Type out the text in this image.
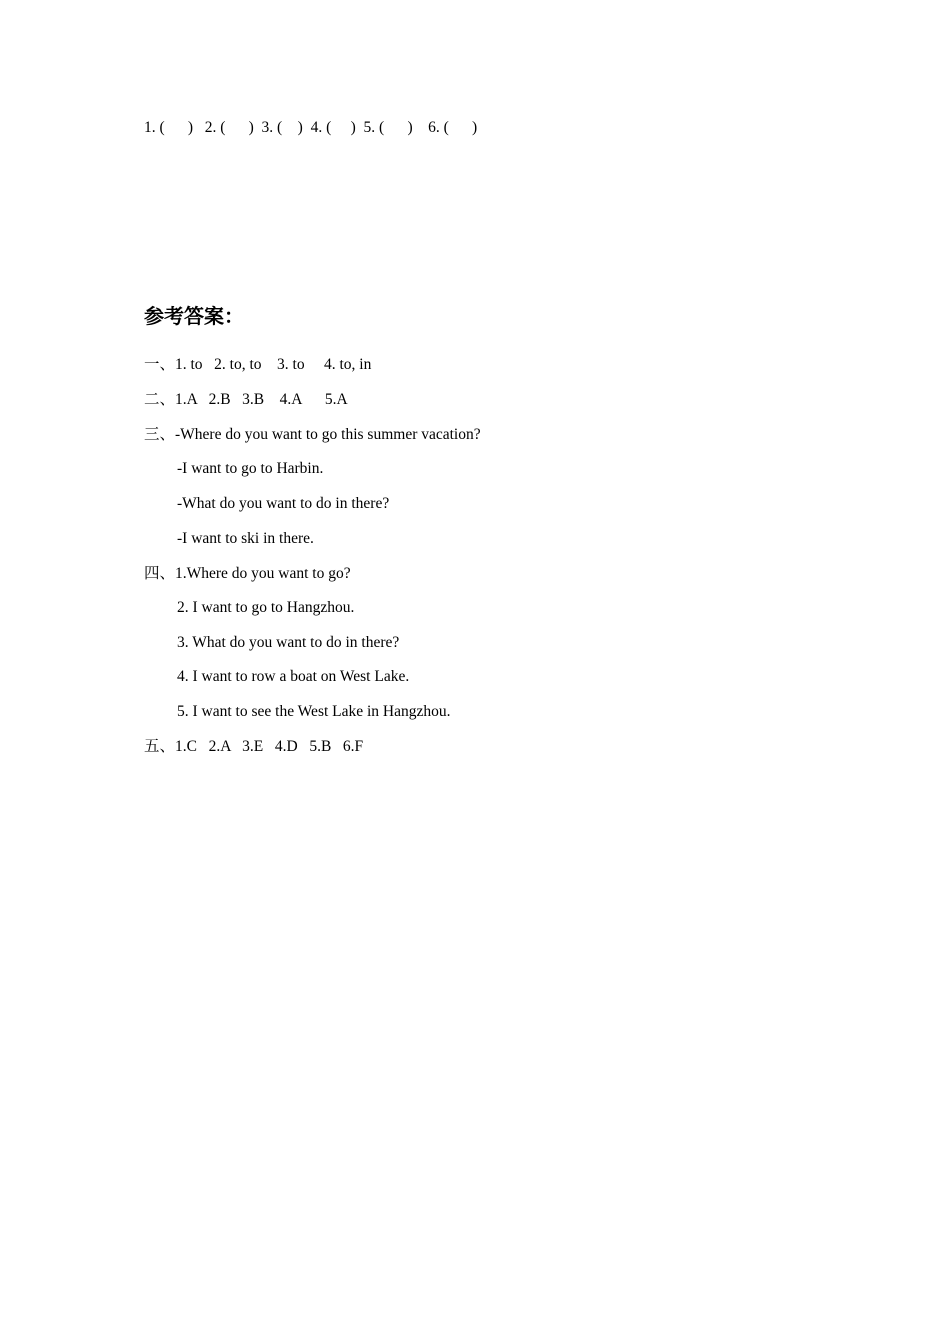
1. (      )   2. (      )  3. (    )  4. (     )  5. (      )    6. (      )
参考答案：
一、1. to   2. to, to    3. to     4. to, in
二、1.A   2.B   3.B    4.A      5.A
三、-Where do you want to go this summer vacation?
-I want to go to Harbin.
-What do you want to do in there?
-I want to ski in there.
四、1.Where do you want to go?
2. I want to go to Hangzhou.
3. What do you want to do in there?
4. I want to row a boat on West Lake.
5. I want to see the West Lake in Hangzhou.
五、1.C   2.A   3.E   4.D   5.B   6.F
